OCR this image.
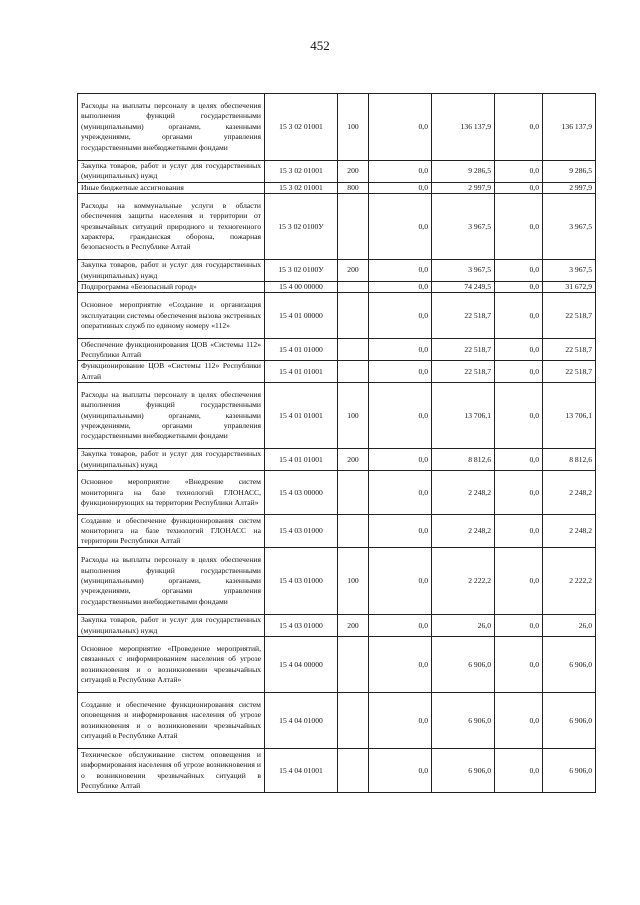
452
Расходы на выплаты персоналу в целях обеспечения выполнения функций государственными (муниципальными) органами, казенными учреждениями, органами управления государственными внебюджетными фондами	15 3 02 01001	100	0,0	136 137,9	0,0	136 137,9
Закупка товаров, работ и услуг для государственных (муниципальных) нужд	15 3 02 01001	200	0,0	9 286,5	0,0	9 286,5
Иные бюджетные ассигнования	15 3 02 01001	800	0,0	2 997,9	0,0	2 997,9
Расходы на коммунальные услуги в области обеспечения защиты населения и территории от чрезвычайных ситуаций природного и техногенного характера, гражданская оборона, пожарная безопасность в Республике Алтай	15 3 02 0100У		0,0	3 967,5	0,0	3 967,5
Закупка товаров, работ и услуг для государственных (муниципальных) нужд	15 3 02 0100У	200	0,0	3 967,5	0,0	3 967,5
Подпрограмма «Безопасный город»	15 4 00 00000		0,0	74 249,5	0,0	31 672,9
Основное мероприятие «Создание и организация эксплуатации системы обеспечения вызова экстренных оперативных служб по единому номеру «112»	15 4 01 00000		0,0	22 518,7	0,0	22 518,7
Обеспечение функционирования ЦОВ «Системы 112» Республики Алтай	15 4 01 01000		0,0	22 518,7	0,0	22 518,7
Функционирование ЦОВ «Системы 112» Республики Алтай	15 4 01 01001		0,0	22 518,7	0,0	22 518,7
Расходы на выплаты персоналу в целях обеспечения выполнения функций государственными (муниципальными) органами, казенными учреждениями, органами управления государственными внебюджетными фондами	15 4 01 01001	100	0,0	13 706,1	0,0	13 706,1
Закупка товаров, работ и услуг для государственных (муниципальных) нужд	15 4 01 01001	200	0,0	8 812,6	0,0	8 812,6
Основное мероприятие «Внедрение систем мониторинга на базе технологий ГЛОНАСС, функционирующих на территории Республики Алтай»	15 4 03 00000		0,0	2 248,2	0,0	2 248,2
Создание и обеспечение функционирования систем мониторинга на базе технологий ГЛОНАСС на территории Республики Алтай	15 4 03 01000		0,0	2 248,2	0,0	2 248,2
Расходы на выплаты персоналу в целях обеспечения выполнения функций государственными (муниципальными) органами, казенными учреждениями, органами управления государственными внебюджетными фондами	15 4 03 01000	100	0,0	2 222,2	0,0	2 222,2
Закупка товаров, работ и услуг для государственных (муниципальных) нужд	15 4 03 01000	200	0,0	26,0	0,0	26,0
Основное мероприятие «Проведение мероприятий, связанных с информированием населения об угрозе возникновения и о возникновении чрезвычайных ситуаций в Республике Алтай»	15 4 04 00000		0,0	6 906,0	0,0	6 906,0
Создание и обеспечение функционирования систем оповещения и информирования населения об угрозе возникновения и о возникновении чрезвычайных ситуаций в Республике Алтай	15 4 04 01000		0,0	6 906,0	0,0	6 906,0
Техническое обслуживание систем оповещения и информирования населения об угрозе возникновения и о возникновении чрезвычайных ситуаций в Республике Алтай	15 4 04 01001		0,0	6 906,0	0,0	6 906,0
